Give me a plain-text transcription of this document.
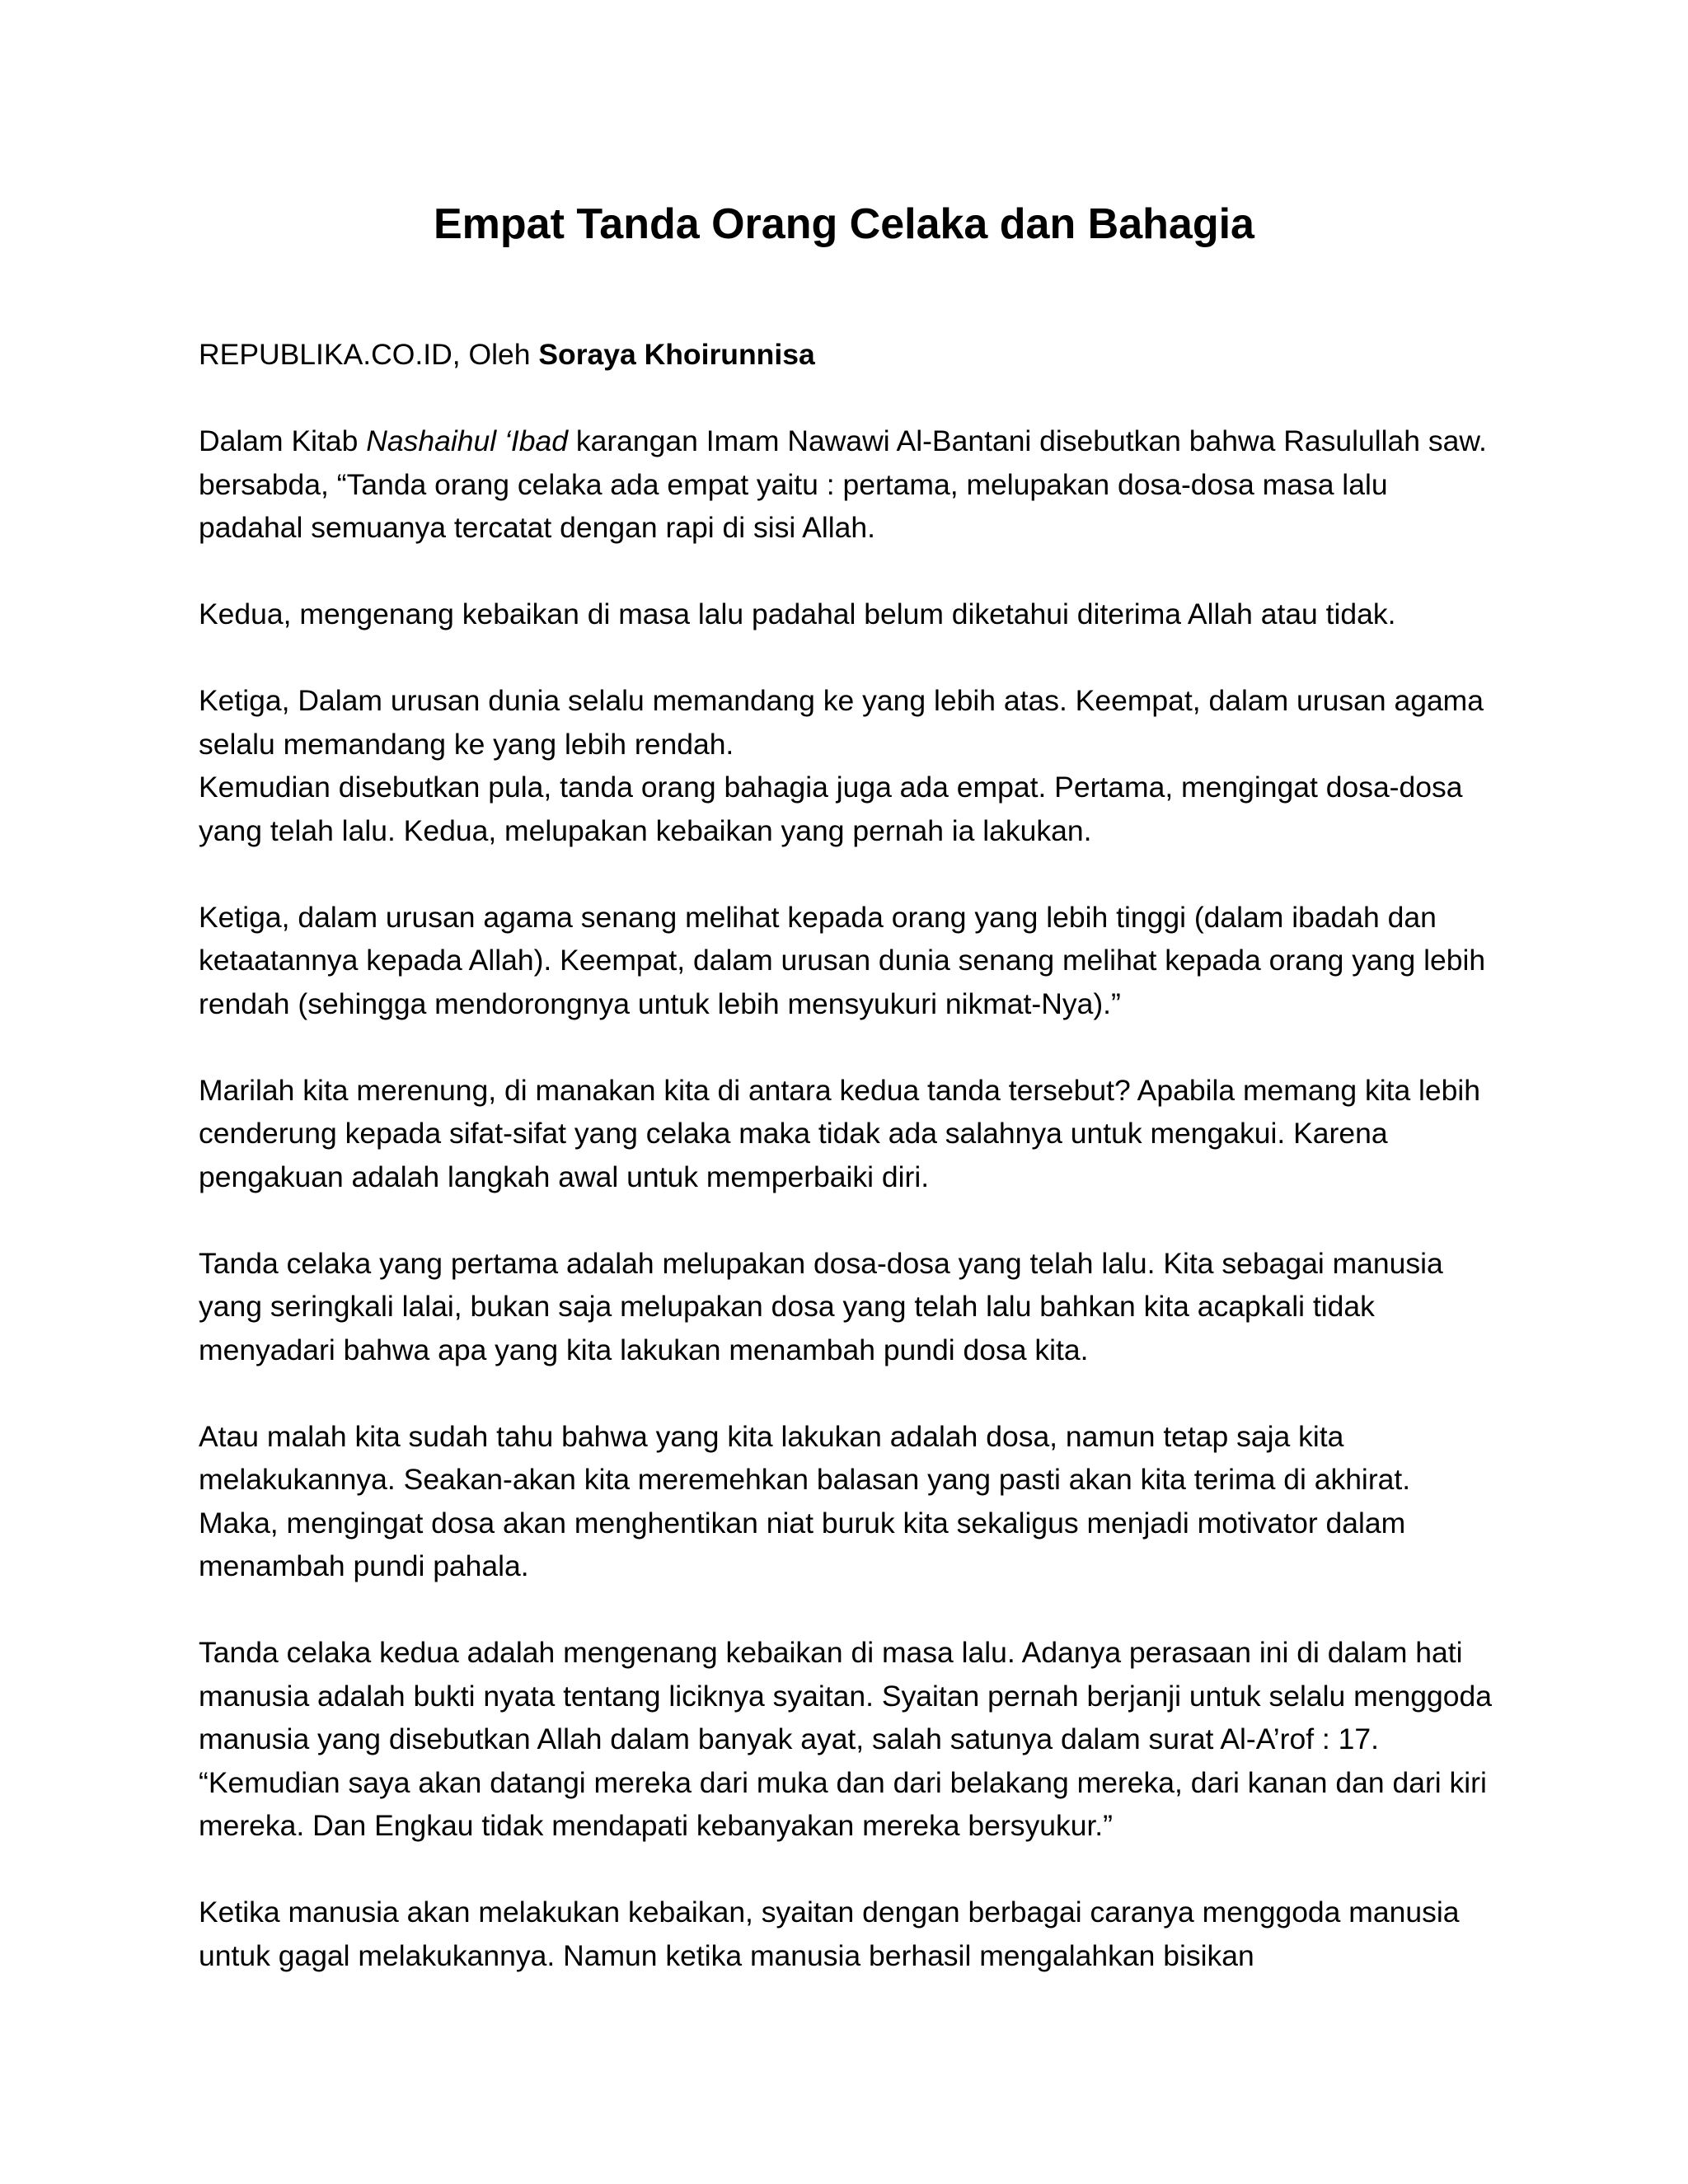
Empat Tanda Orang Celaka dan Bahagia

REPUBLIKA.CO.ID, Oleh Soraya Khoirunnisa

Dalam Kitab Nashaihul ‘Ibad karangan Imam Nawawi Al-Bantani disebutkan bahwa Rasulullah saw. bersabda, “Tanda orang celaka ada empat yaitu : pertama, melupakan dosa-dosa masa lalu padahal semuanya tercatat dengan rapi di sisi Allah.

Kedua, mengenang kebaikan di masa lalu padahal belum diketahui diterima Allah atau tidak.

Ketiga, Dalam urusan dunia selalu memandang ke yang lebih atas. Keempat, dalam urusan agama selalu memandang ke yang lebih rendah.

Kemudian disebutkan pula, tanda orang bahagia juga ada empat. Pertama, mengingat dosa-dosa yang telah lalu. Kedua, melupakan kebaikan yang pernah ia lakukan.

Ketiga, dalam urusan agama senang melihat kepada orang yang lebih tinggi (dalam ibadah dan ketaatannya kepada Allah). Keempat, dalam urusan dunia senang melihat kepada orang yang lebih rendah (sehingga mendorongnya untuk lebih mensyukuri nikmat-Nya).”

Marilah kita merenung, di manakan kita di antara kedua tanda tersebut? Apabila memang kita lebih cenderung kepada sifat-sifat yang celaka maka tidak ada salahnya untuk mengakui. Karena pengakuan adalah langkah awal untuk memperbaiki diri.

Tanda celaka yang pertama adalah melupakan dosa-dosa yang telah lalu. Kita sebagai manusia yang seringkali lalai, bukan saja melupakan dosa yang telah lalu bahkan kita acapkali tidak menyadari bahwa apa yang kita lakukan menambah pundi dosa kita.

Atau malah kita sudah tahu bahwa yang kita lakukan adalah dosa, namun tetap saja kita melakukannya. Seakan-akan kita meremehkan balasan yang pasti akan kita terima di akhirat. Maka, mengingat dosa akan menghentikan niat buruk kita sekaligus menjadi motivator dalam menambah pundi pahala.

Tanda celaka kedua adalah mengenang kebaikan di masa lalu. Adanya perasaan ini di dalam hati manusia adalah bukti nyata tentang liciknya syaitan. Syaitan pernah berjanji untuk selalu menggoda manusia yang disebutkan Allah dalam banyak ayat, salah satunya dalam surat Al-A’rof : 17. “Kemudian saya akan datangi mereka dari muka dan dari belakang mereka, dari kanan dan dari kiri mereka. Dan Engkau tidak mendapati kebanyakan mereka bersyukur.”

Ketika manusia akan melakukan kebaikan, syaitan dengan berbagai caranya menggoda manusia untuk gagal melakukannya. Namun ketika manusia berhasil mengalahkan bisikan
